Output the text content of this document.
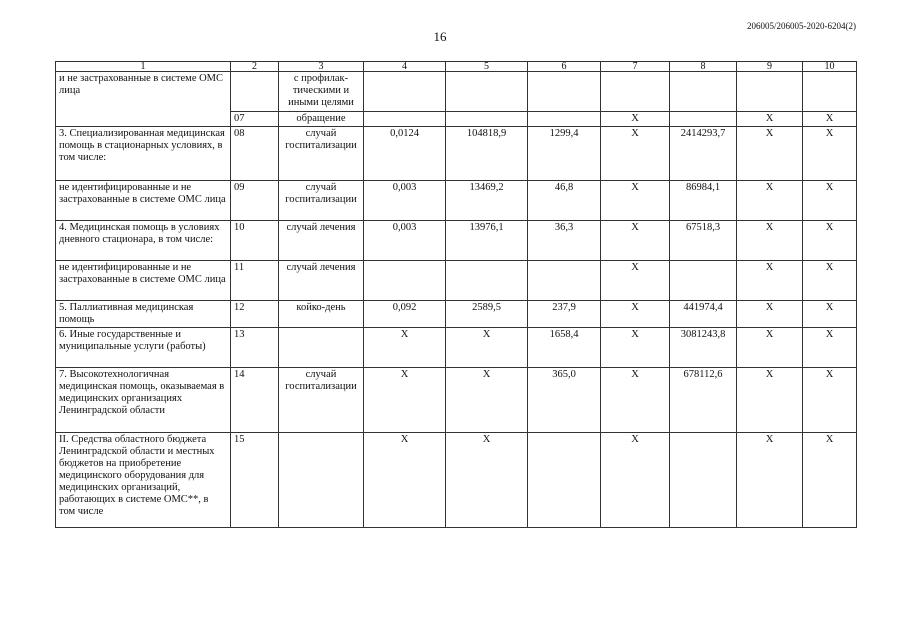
16
206005/206005-2020-6204(2)
1	2	3	4	5	6	7	8	9	10
и не застрахованные в системе ОМС лица		с профилак-тическими и иными целями							
	07	обращение				Х		Х	Х
3. Специализированная медицинская помощь в стационарных условиях, в том числе:	08	случай госпитализации	0,0124	104818,9	1299,4	Х	2414293,7	Х	Х
не идентифицированные и не застрахованные в системе ОМС лица	09	случай госпитализации	0,003	13469,2	46,8	Х	86984,1	Х	Х
4. Медицинская помощь в условиях дневного стационара, в том числе:	10	случай лечения	0,003	13976,1	36,3	Х	67518,3	Х	Х
не идентифицированные и не застрахованные в системе ОМС лица	11	случай лечения				Х		Х	Х
5. Паллиативная медицинская помощь	12	койко-день	0,092	2589,5	237,9	Х	441974,4	Х	Х
6. Иные государственные и муниципальные услуги (работы)	13		Х	Х	1658,4	Х	3081243,8	Х	Х
7. Высокотехнологичная медицинская помощь, оказываемая в медицинских организациях Ленинградской области	14	случай госпитализации	Х	Х	365,0	Х	678112,6	Х	Х
II. Средства областного бюджета Ленинградской области и местных бюджетов на приобретение медицинского оборудования для медицинских организаций, работающих в системе ОМС**, в том числе	15		Х	Х		Х		Х	Х
